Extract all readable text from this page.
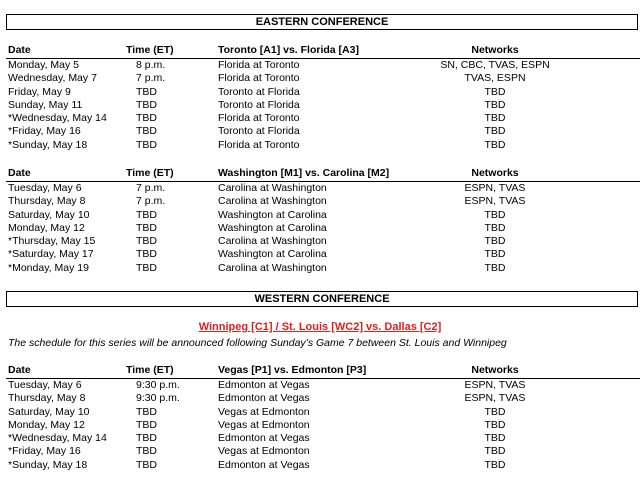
EASTERN CONFERENCE
Date	Time (ET)	Toronto [A1] vs. Florida [A3]	Networks
Monday, May 5	8 p.m.	Florida at Toronto	SN, CBC, TVAS, ESPN
Wednesday, May 7	7 p.m.	Florida at Toronto	TVAS, ESPN
Friday, May 9	TBD	Toronto at Florida	TBD
Sunday, May 11	TBD	Toronto at Florida	TBD
*Wednesday, May 14	TBD	Florida at Toronto	TBD
*Friday, May 16	TBD	Toronto at Florida	TBD
*Sunday, May 18	TBD	Florida at Toronto	TBD
Date	Time (ET)	Washington [M1] vs. Carolina [M2]	Networks
Tuesday, May 6	7 p.m.	Carolina at Washington	ESPN, TVAS
Thursday, May 8	7 p.m.	Carolina at Washington	ESPN, TVAS
Saturday, May 10	TBD	Washington at Carolina	TBD
Monday, May 12	TBD	Washington at Carolina	TBD
*Thursday, May 15	TBD	Carolina at Washington	TBD
*Saturday, May 17	TBD	Washington at Carolina	TBD
*Monday, May 19	TBD	Carolina at Washington	TBD
WESTERN CONFERENCE
Winnipeg [C1] / St. Louis [WC2] vs. Dallas [C2]
The schedule for this series will be announced following Sunday’s Game 7 between St. Louis and Winnipeg
Date	Time (ET)	Vegas [P1] vs. Edmonton [P3]	Networks
Tuesday, May 6	9:30 p.m.	Edmonton at Vegas	ESPN, TVAS
Thursday, May 8	9:30 p.m.	Edmonton at Vegas	ESPN, TVAS
Saturday, May 10	TBD	Vegas at Edmonton	TBD
Monday, May 12	TBD	Vegas at Edmonton	TBD
*Wednesday, May 14	TBD	Edmonton at Vegas	TBD
*Friday, May 16	TBD	Vegas at Edmonton	TBD
*Sunday, May 18	TBD	Edmonton at Vegas	TBD
